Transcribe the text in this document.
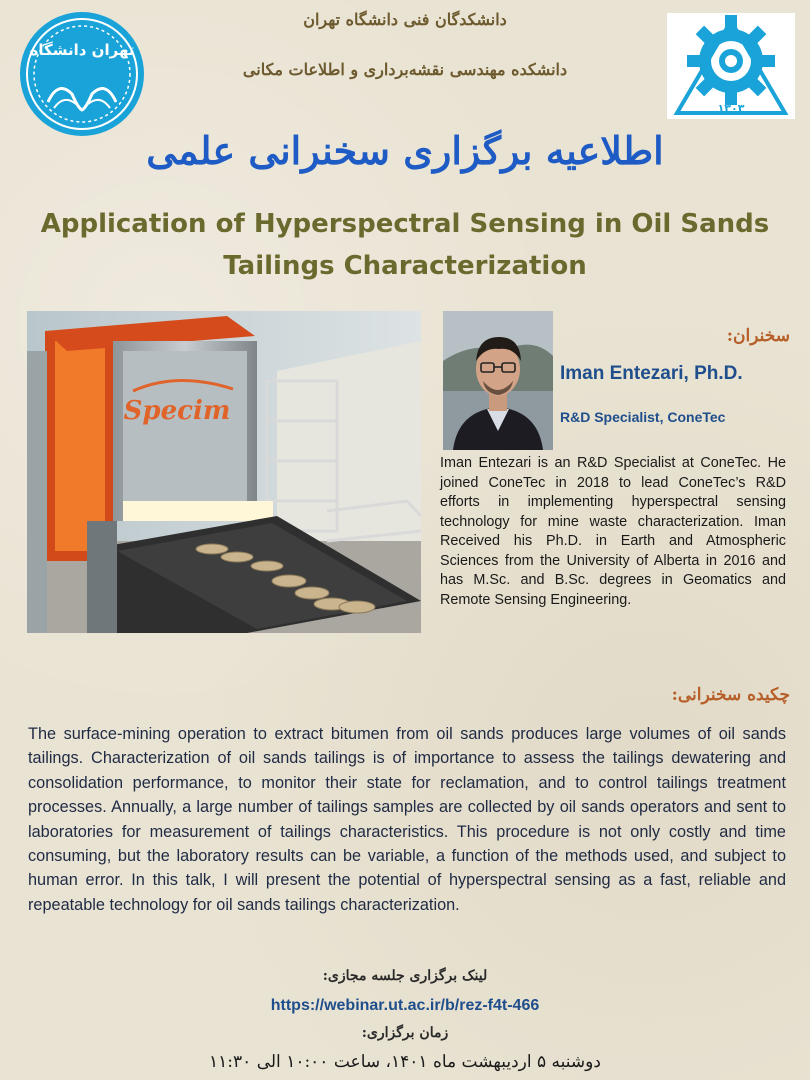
تهران دانشگاه
۱۳۰۳
دانشکدگان فنی دانشگاه تهران
دانشکده مهندسی نقشه‌برداری و اطلاعات مکانی
اطلاعیه برگزاری سخنرانی علمی
Application of Hyperspectral Sensing in Oil Sands Tailings Characterization
Specim
سخنران:
Iman Entezari, Ph.D.
R&D Specialist, ConeTec
Iman Entezari is an R&D Specialist at ConeTec. He joined ConeTec in 2018 to lead ConeTec’s R&D efforts in implementing hyperspectral sensing technology for mine waste characterization. Iman Received his Ph.D. in Earth and Atmospheric Sciences from the University of Alberta in 2016 and has M.Sc. and B.Sc. degrees in Geomatics and Remote Sensing Engineering.
چکیده سخنرانی:
The surface-mining operation to extract bitumen from oil sands produces large volumes of oil sands tailings. Characterization of oil sands tailings is of importance to assess the tailings dewatering and consolidation performance, to monitor their state for reclamation, and to control tailings treatment processes. Annually, a large number of tailings samples are collected by oil sands operators and sent to laboratories for measurement of tailings characteristics. This procedure is not only costly and time consuming, but the laboratory results can be variable, a function of the methods used, and subject to human error. In this talk, I will present the potential of hyperspectral sensing as a fast, reliable and repeatable technology for oil sands tailings characterization.
لینک برگزاری جلسه مجازی:
https://webinar.ut.ac.ir/b/rez-f4t-466
زمان برگزاری:
دوشنبه ۵ اردیبهشت ماه ۱۴۰۱، ساعت ۱۰:۰۰ الی ۱۱:۳۰
